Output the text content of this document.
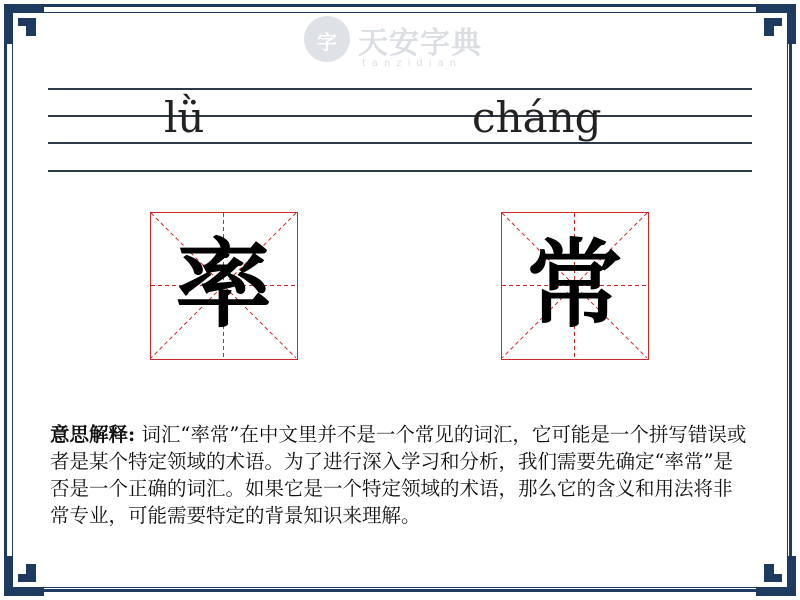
字 天安字典
tanzidian
lǜ	cháng
率	常
意思解释: 词汇“率常”在中文里并不是一个常见的词汇，它可能是一个拼写错误或者是某个特定领域的术语。为了进行深入学习和分析，我们需要先确定“率常”是否是一个正确的词汇。如果它是一个特定领域的术语，那么它的含义和用法将非常专业，可能需要特定的背景知识来理解。
